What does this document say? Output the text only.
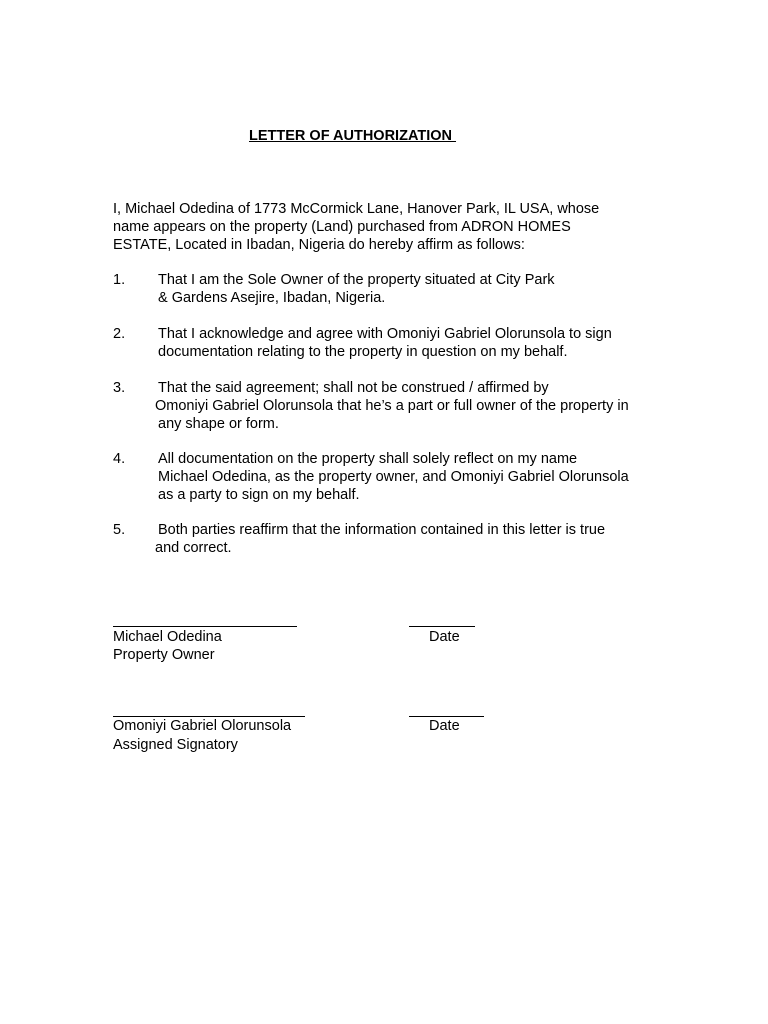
LETTER OF AUTHORIZATION
I, Michael Odedina of 1773 McCormick Lane, Hanover Park, IL USA, whose
name appears on the property (Land) purchased from ADRON HOMES
ESTATE, Located in Ibadan, Nigeria do hereby affirm as follows:
1. That I am the Sole Owner of the property situated at City Park
& Gardens Asejire, Ibadan, Nigeria.
2. That I acknowledge and agree with Omoniyi Gabriel Olorunsola to sign
documentation relating to the property in question on my behalf.
3. That the said agreement; shall not be construed / affirmed by
Omoniyi Gabriel Olorunsola that he’s a part or full owner of the property in
any shape or form.
4. All documentation on the property shall solely reflect on my name
Michael Odedina, as the property owner, and Omoniyi Gabriel Olorunsola
as a party to sign on my behalf.
5. Both parties reaffirm that the information contained in this letter is true
and correct.
Michael Odedina	Date
Property Owner
Omoniyi Gabriel Olorunsola	Date
Assigned Signatory
